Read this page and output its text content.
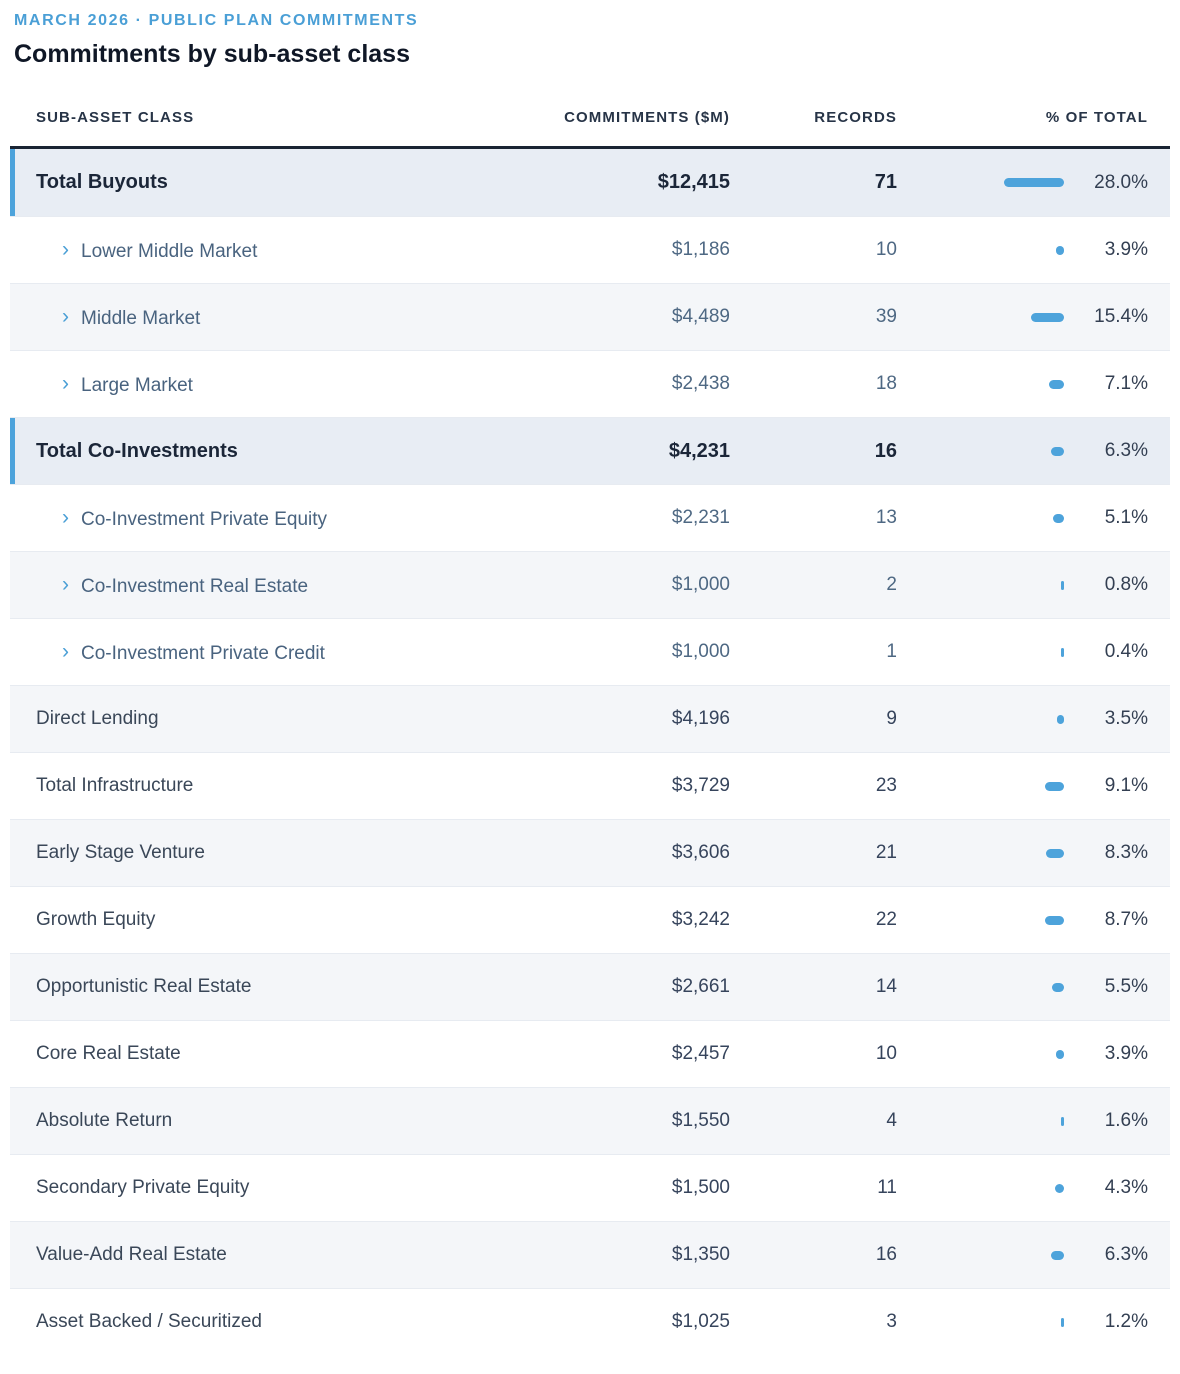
MARCH 2026 · PUBLIC PLAN COMMITMENTS
Commitments by sub-asset class
SUB-ASSET CLASS	COMMITMENTS ($M)	RECORDS	% OF TOTAL
Total Buyouts	$12,415	71	28.0%
› Lower Middle Market	$1,186	10	3.9%
› Middle Market	$4,489	39	15.4%
› Large Market	$2,438	18	7.1%
Total Co-Investments	$4,231	16	6.3%
› Co-Investment Private Equity	$2,231	13	5.1%
› Co-Investment Real Estate	$1,000	2	0.8%
› Co-Investment Private Credit	$1,000	1	0.4%
Direct Lending	$4,196	9	3.5%
Total Infrastructure	$3,729	23	9.1%
Early Stage Venture	$3,606	21	8.3%
Growth Equity	$3,242	22	8.7%
Opportunistic Real Estate	$2,661	14	5.5%
Core Real Estate	$2,457	10	3.9%
Absolute Return	$1,550	4	1.6%
Secondary Private Equity	$1,500	11	4.3%
Value-Add Real Estate	$1,350	16	6.3%
Asset Backed / Securitized	$1,025	3	1.2%
